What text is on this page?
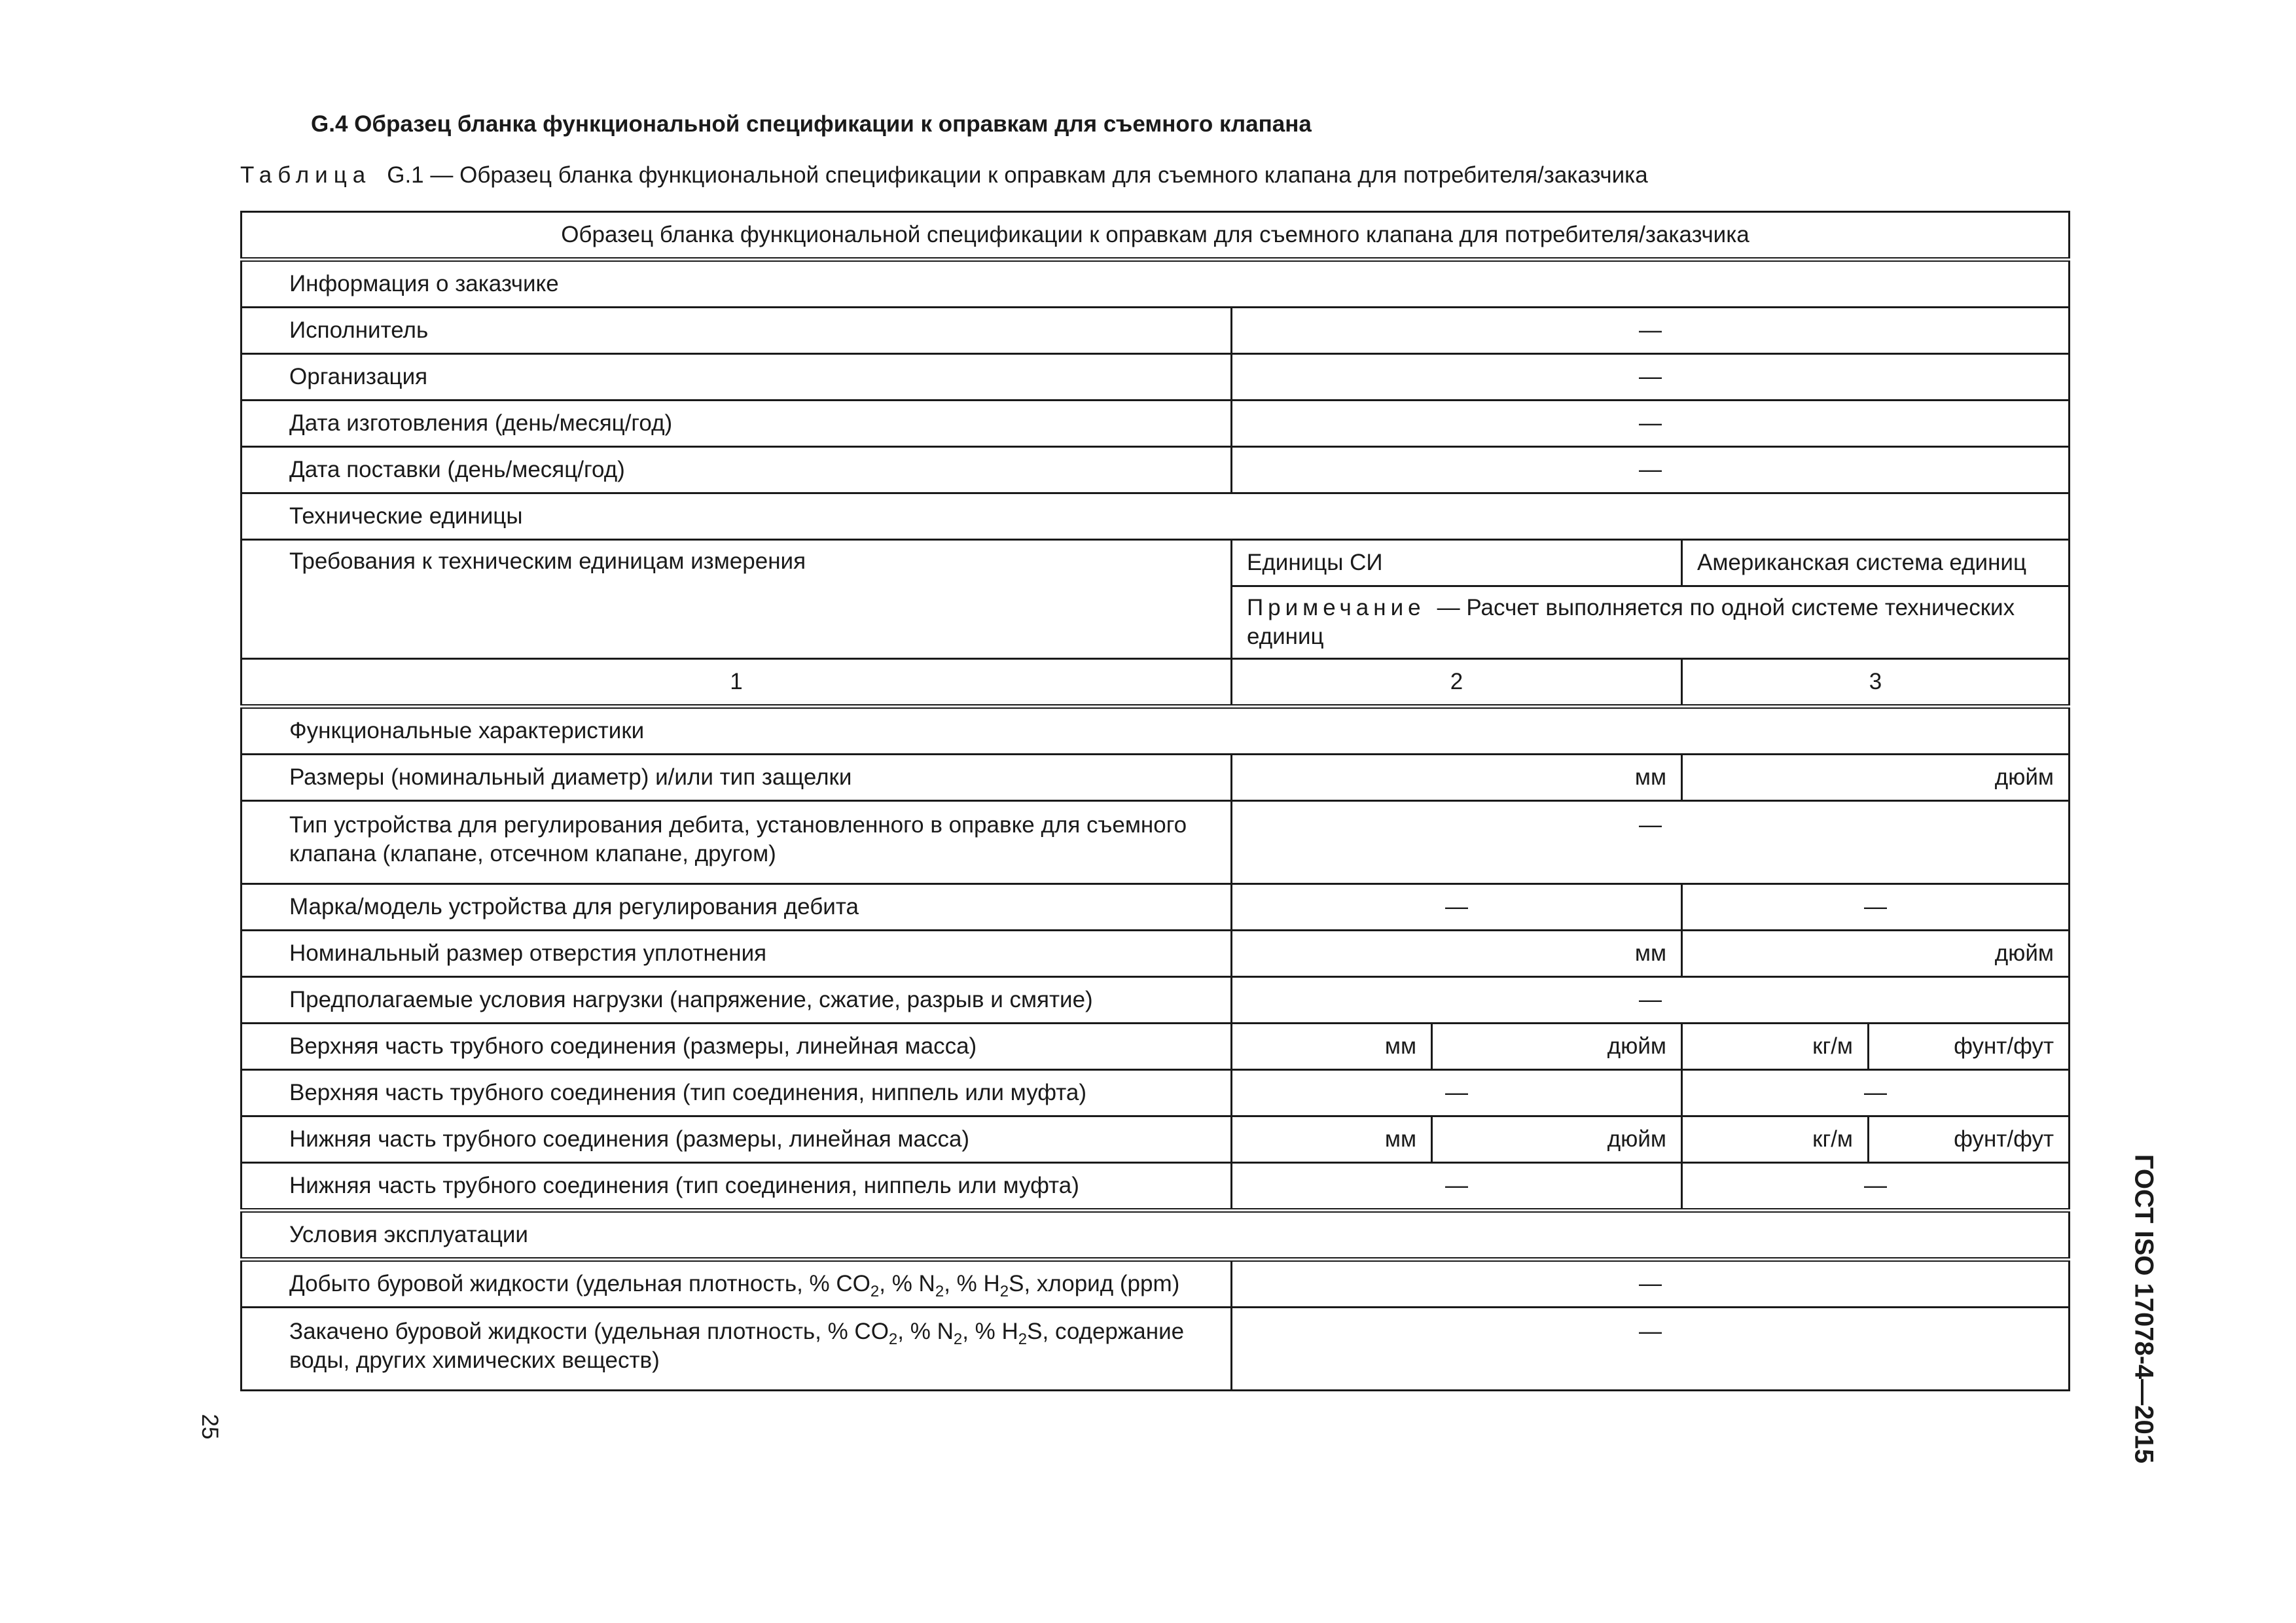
G.4 Образец бланка функциональной спецификации к оправкам для съемного клапана
Таблица G.1 — Образец бланка функциональной спецификации к оправкам для съемного клапана для потребителя/заказчика
Образец бланка функциональной спецификации к оправкам для съемного клапана для потребителя/заказчика				
Информация о заказчике				
Исполнитель	—			
Организация	—			
Дата изготовления (день/месяц/год)	—			
Дата поставки (день/месяц/год)	—			
Технические единицы				
Требования к техническим единицам измерения	Единицы СИ		Американская система единиц	
	Примечание — Расчет выполняется по одной системе технических единиц			
1	2		3	
Функциональные характеристики				
Размеры (номинальный диаметр) и/или тип защелки	мм		дюйм	
Тип устройства для регулирования дебита, установленного в оправке для съемного клапана (клапане, отсечном клапане, другом)	—			
Марка/модель устройства для регулирования дебита	—		—	
Номинальный размер отверстия уплотнения	мм		дюйм	
Предполагаемые условия нагрузки (напряжение, сжатие, разрыв и смятие)	—			
Верхняя часть трубного соединения (размеры, линейная масса)	мм	дюйм	кг/м	фунт/фут
Верхняя часть трубного соединения (тип соединения, ниппель или муфта)	—		—	
Нижняя часть трубного соединения (размеры, линейная масса)	мм	дюйм	кг/м	фунт/фут
Нижняя часть трубного соединения (тип соединения, ниппель или муфта)	—		—	
Условия эксплуатации				
Добыто буровой жидкости (удельная плотность, % $CO_2$, % $N_2$, % $H_2S$, хлорид (ppm)	—			
Закачено буровой жидкости (удельная плотность, % $CO_2$, % $N_2$, % $H_2S$, содержание воды, других химических веществ)	—				ГОСТ ISO 17078-4—2015
25
